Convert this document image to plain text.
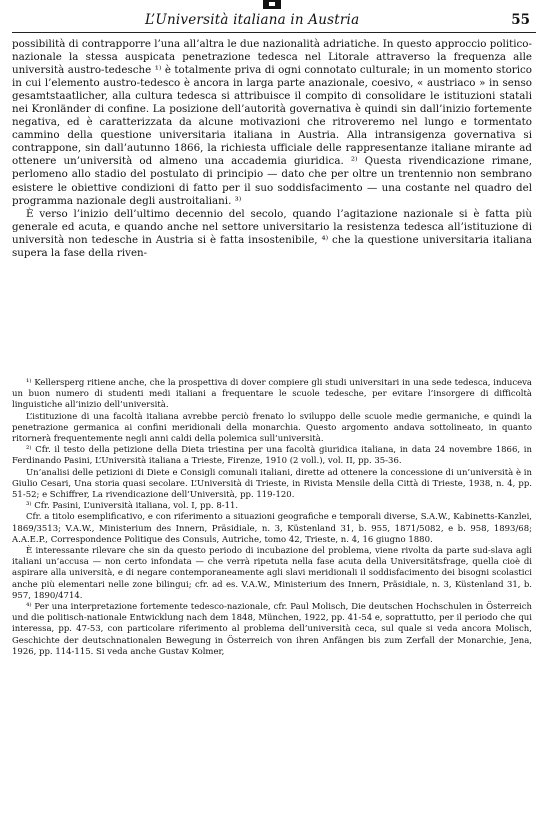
L’Università italiana in Austria	55

possibilità di contrapporre l’una all’altra le due nazionalità adriatiche. In questo approccio politico-nazionale la stessa auspicata penetrazione tedesca nel Litorale attraverso la frequenza alle università austro-tedesche ¹⁾ è totalmente priva di ogni connotato culturale; in un momento storico in cui l’elemento austro-tedesco è ancora in larga parte anazionale, coesivo, « austriaco » in senso gesamtstaatlicher, alla cultura tedesca si attribuisce il compito di consolidare le istituzioni statali nei Kronländer di confine. La posizione dell’autorità governativa è quindi sin dall’inizio fortemente negativa, ed è caratterizzata da alcune motivazioni che ritroveremo nel lungo e tormentato cammino della questione universitaria italiana in Austria. Alla intransigenza governativa si contrappone, sin dall’autunno 1866, la richiesta ufficiale delle rappresentanze italiane mirante ad ottenere un’università od almeno una accademia giuridica. ²⁾ Questa rivendicazione rimane, perlomeno allo stadio del postulato di principio — dato che per oltre un trentennio non sembrano esistere le obiettive condizioni di fatto per il suo soddisfacimento — una costante nel quadro del programma nazionale degli austroitaliani. ³⁾

È verso l’inizio dell’ultimo decennio del secolo, quando l’agitazione nazionale si è fatta più generale ed acuta, e quando anche nel settore universitario la resistenza tedesca all’istituzione di università non tedesche in Austria si è fatta insostenibile, ⁴⁾ che la questione universitaria italiana supera la fase della riven-

¹⁾ Kellersperg ritiene anche, che la prospettiva di dover compiere gli studi universitari in una sede tedesca, induceva un buon numero di studenti medi italiani a frequentare le scuole tedesche, per evitare l’insorgere di difficoltà linguistiche all’inizio dell’università.

L’istituzione di una facoltà italiana avrebbe perciò frenato lo sviluppo delle scuole medie germaniche, e quindi la penetrazione germanica ai confini meridionali della monarchia. Questo argomento andava sottolineato, in quanto ritornerà frequentemente negli anni caldi della polemica sull’università.

²⁾ Cfr. il testo della petizione della Dieta triestina per una facoltà giuridica italiana, in data 24 novembre 1866, in Ferdinando Pasini, L’Università italiana a Trieste, Firenze, 1910 (2 voll.), vol. II, pp. 35-36.

Un’analisi delle petizioni di Diete e Consigli comunali italiani, dirette ad ottenere la concessione di un’università è in Giulio Cesari, Una storia quasi secolare. L’Università di Trieste, in Rivista Mensile della Città di Trieste, 1938, n. 4, pp. 51-52; e Schiffrer, La rivendicazione dell’Università, pp. 119-120.

³⁾ Cfr. Pasini, L’università italiana, vol. I, pp. 8-11.

Cfr. a titolo esemplificativo, e con riferimento a situazioni geografiche e temporali diverse, S.A.W., Kabinetts-Kanzlei, 1869/3513; V.A.W., Ministerium des Innern, Präsidiale, n. 3, Küstenland 31, b. 955, 1871/5082, e b. 958, 1893/68; A.A.E.P., Correspondence Politique des Consuls, Autriche, tomo 42, Trieste, n. 4, 16 giugno 1880.

È interessante rilevare che sin da questo periodo di incubazione del problema, viene rivolta da parte sud-slava agli italiani un’accusa — non certo infondata — che verrà ripetuta nella fase acuta della Universitätsfrage, quella cioè di aspirare alla università, e di negare contemporaneamente agli slavi meridionali il soddisfacimento dei bisogni scolastici anche più elementari nelle zone bilingui; cfr. ad es. V.A.W., Ministerium des Innern, Präsidiale, n. 3, Küstenland 31, b. 957, 1890/4714.

⁴⁾ Per una interpretazione fortemente tedesco-nazionale, cfr. Paul Molisch, Die deutschen Hochschulen in Österreich und die politisch-nationale Entwicklung nach dem 1848, München, 1922, pp. 41-54 e, soprattutto, per il periodo che qui interessa, pp. 47-53, con particolare riferimento al problema dell’università ceca, sul quale si veda ancora Molisch, Geschichte der deutschnationalen Bewegung in Österreich von ihren Anfängen bis zum Zerfall der Monarchie, Jena, 1926, pp. 114-115. Si veda anche Gustav Kolmer,
